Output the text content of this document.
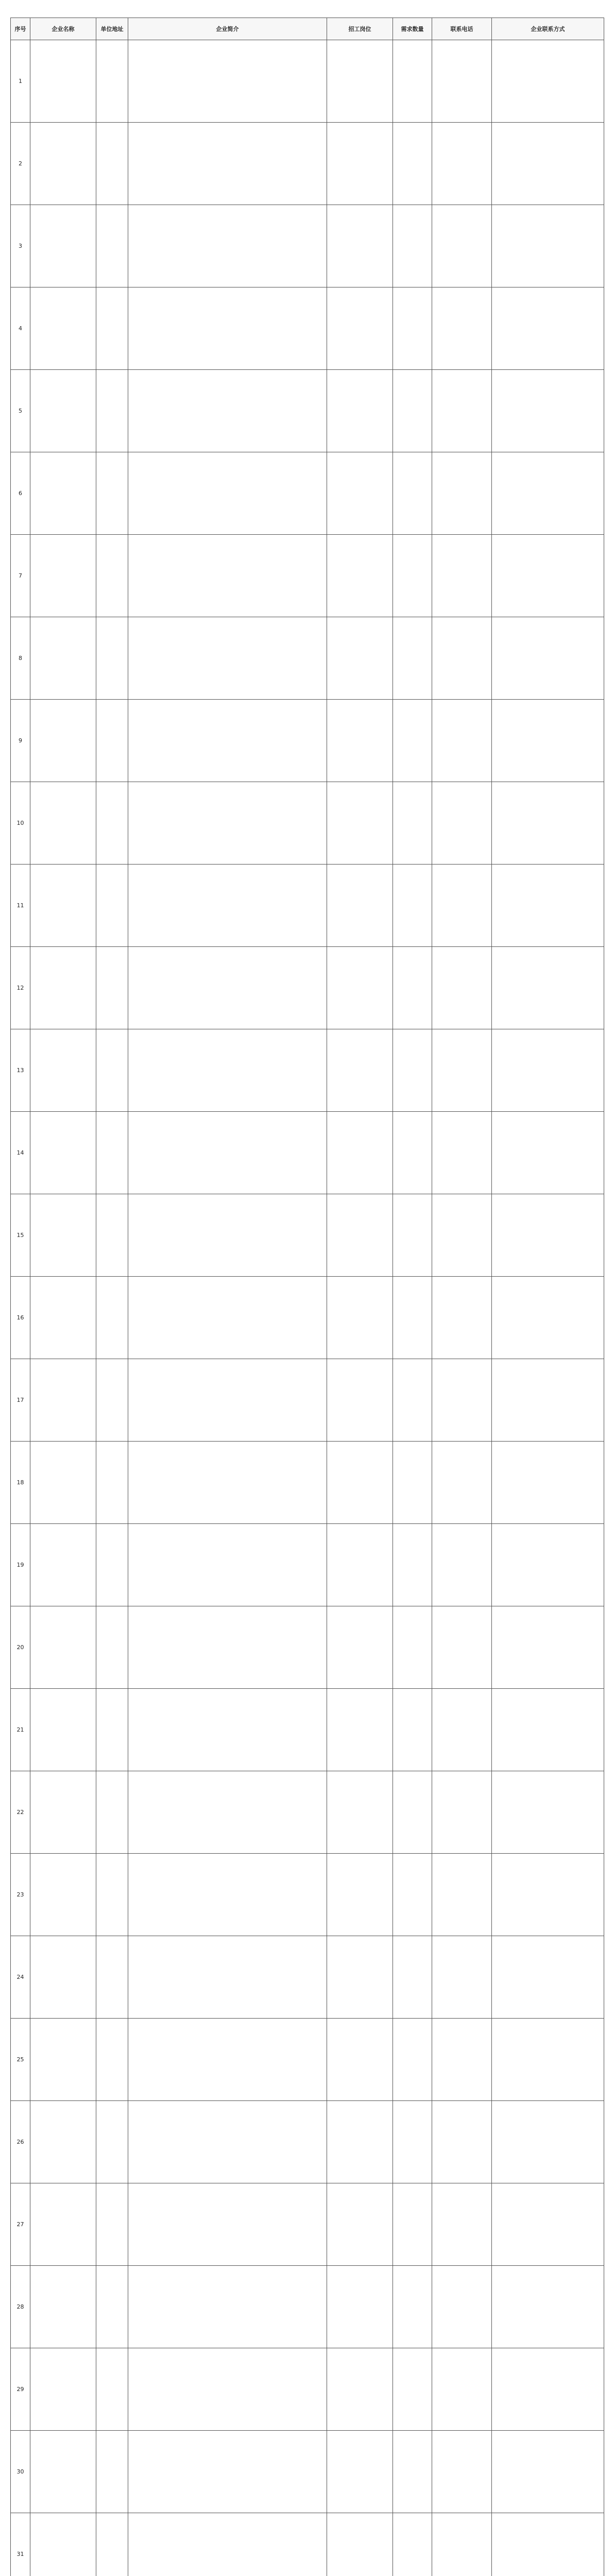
序号	企业名称	单位地址	企业简介	招工岗位	需求数量	联系电话	企业联系方式
1							
2							
3							
4							
5							
6							
7							
8							
9							
10							
11							
12							
13							
14							
15							
16							
17							
18							
19							
20							
21							
22							
23							
24							
25							
26							
27							
28							
29							
30							
31							
